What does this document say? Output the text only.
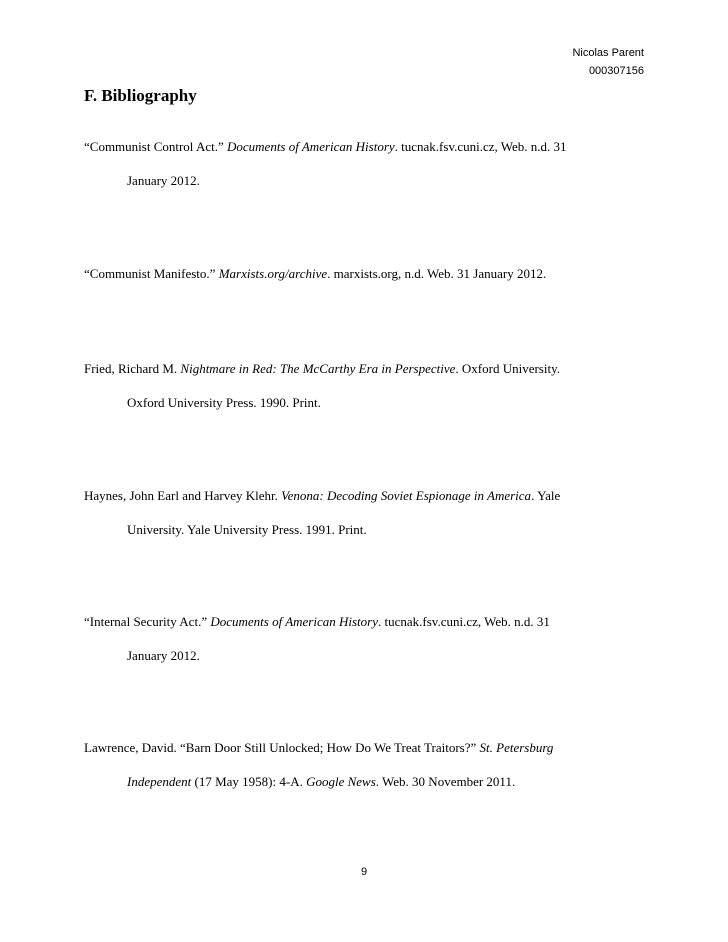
Nicolas Parent
000307156
F. Bibliography
“Communist Control Act.” Documents of American History. tucnak.fsv.cuni.cz, Web. n.d. 31
January 2012.
“Communist Manifesto.” Marxists.org/archive. marxists.org, n.d. Web. 31 January 2012.
Fried, Richard M. Nightmare in Red: The McCarthy Era in Perspective. Oxford University.
Oxford University Press. 1990. Print.
Haynes, John Earl and Harvey Klehr. Venona: Decoding Soviet Espionage in America. Yale
University. Yale University Press. 1991. Print.
“Internal Security Act.” Documents of American History. tucnak.fsv.cuni.cz, Web. n.d. 31
January 2012.
Lawrence, David. “Barn Door Still Unlocked; How Do We Treat Traitors?” St. Petersburg
Independent (17 May 1958): 4-A. Google News. Web. 30 November 2011.
9
